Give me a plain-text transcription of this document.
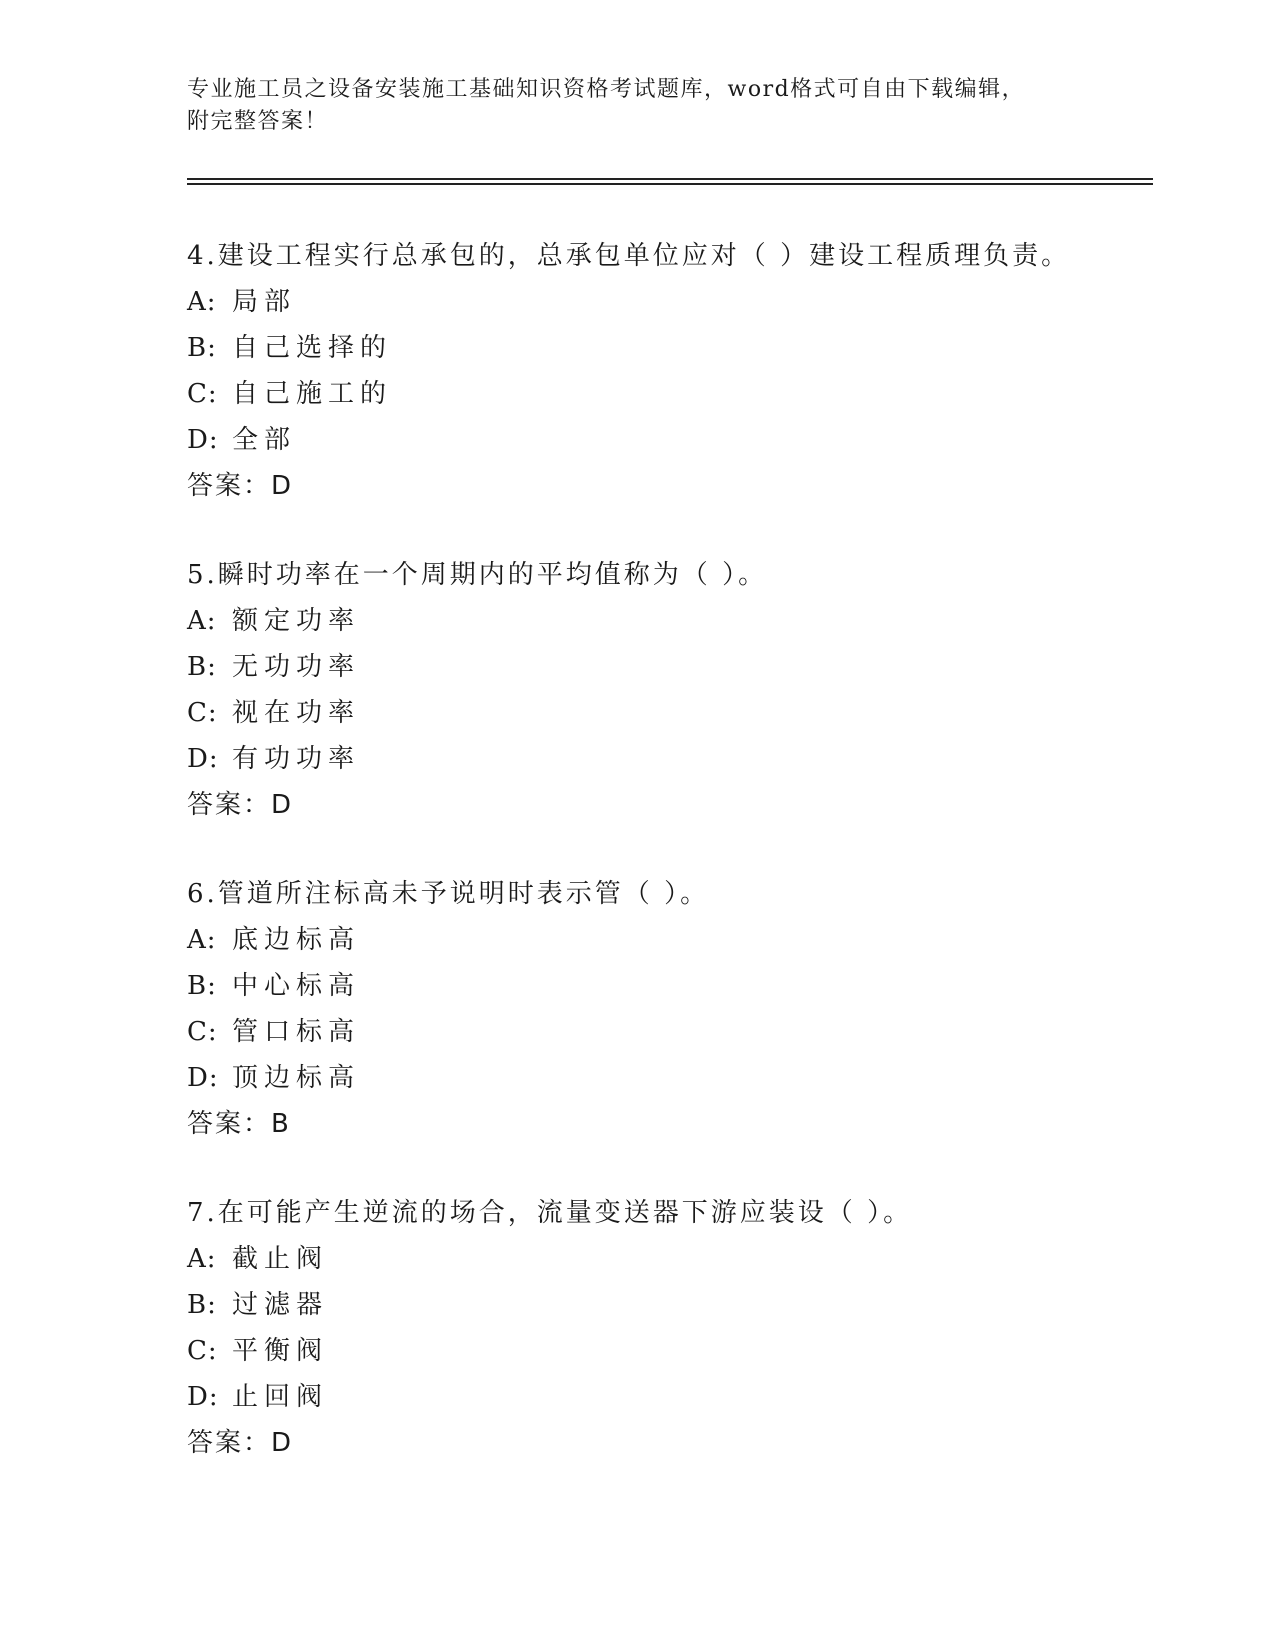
专业施工员之设备安装施工基础知识资格考试题库，word格式可自由下载编辑，
附完整答案！
4.建设工程实行总承包的，总承包单位应对（ ）建设工程质理负责。
A: 局部
B: 自己选择的
C: 自己施工的
D: 全部
答案：D
5.瞬时功率在一个周期内的平均值称为（ ）。
A: 额定功率
B: 无功功率
C: 视在功率
D: 有功功率
答案：D
6.管道所注标高未予说明时表示管（ ）。
A: 底边标高
B: 中心标高
C: 管口标高
D: 顶边标高
答案：B
7.在可能产生逆流的场合，流量变送器下游应装设（ ）。
A: 截止阀
B: 过滤器
C: 平衡阀
D: 止回阀
答案：D
